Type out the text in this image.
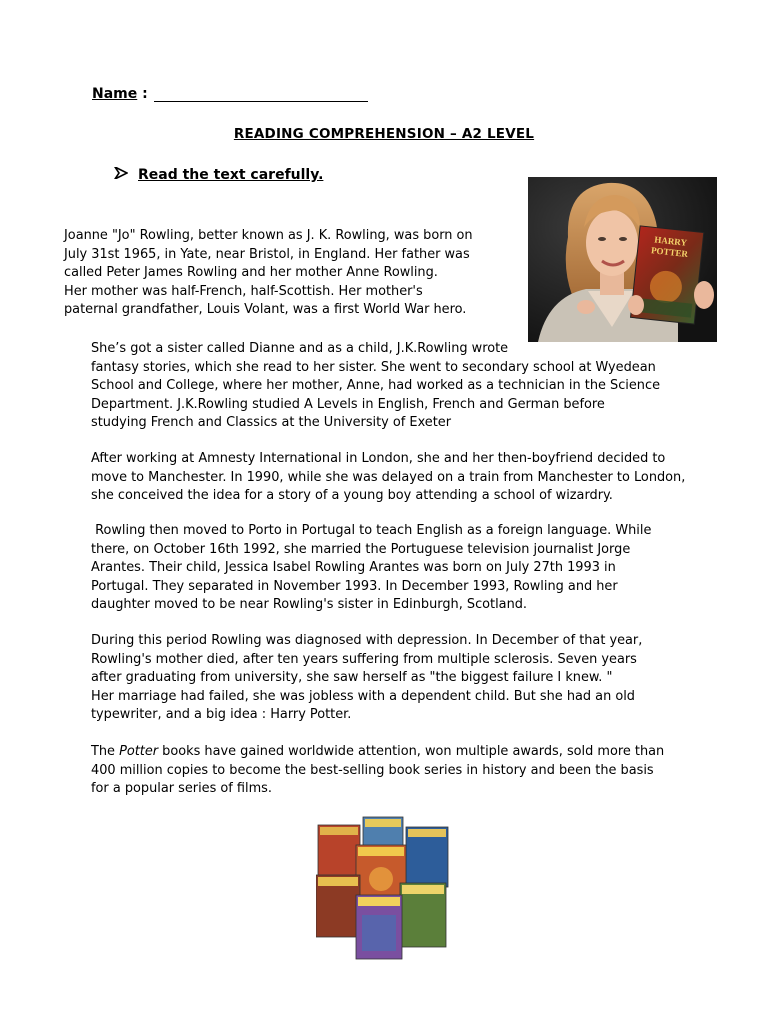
Name :
READING COMPREHENSION – A2 LEVEL
Read the text carefully.
HARRY
POTTER
Joanne "Jo" Rowling, better known as J. K. Rowling, was born on
July 31st 1965, in Yate, near Bristol, in England. Her father was
called Peter James Rowling and her mother Anne Rowling.
Her mother was half-French, half-Scottish. Her mother's
paternal grandfather, Louis Volant, was a first World War hero.
She’s got a sister called Dianne and as a child, J.K.Rowling wrote
fantasy stories, which she read to her sister. She went to secondary school at Wyedean
School and College, where her mother, Anne, had worked as a technician in the Science
Department. J.K.Rowling studied A Levels in English, French and German before
studying French and Classics at the University of Exeter
After working at Amnesty International in London, she and her then-boyfriend decided to
move to Manchester. In 1990, while she was delayed on a train from Manchester to London,
she conceived the idea for a story of a young boy attending a school of wizardry.
Rowling then moved to Porto in Portugal to teach English as a foreign language. While
there, on October 16th 1992, she married the Portuguese television journalist Jorge
Arantes. Their child, Jessica Isabel Rowling Arantes was born on July 27th 1993 in
Portugal. They separated in November 1993. In December 1993, Rowling and her
daughter moved to be near Rowling's sister in Edinburgh, Scotland.
During this period Rowling was diagnosed with depression. In December of that year,
Rowling's mother died, after ten years suffering from multiple sclerosis. Seven years
after graduating from university, she saw herself as "the biggest failure I knew. "
Her marriage had failed, she was jobless with a dependent child. But she had an old
typewriter, and a big idea : Harry Potter.
The Potter books have gained worldwide attention, won multiple awards, sold more than
400 million copies to become the best-selling book series in history and been the basis
for a popular series of films.
